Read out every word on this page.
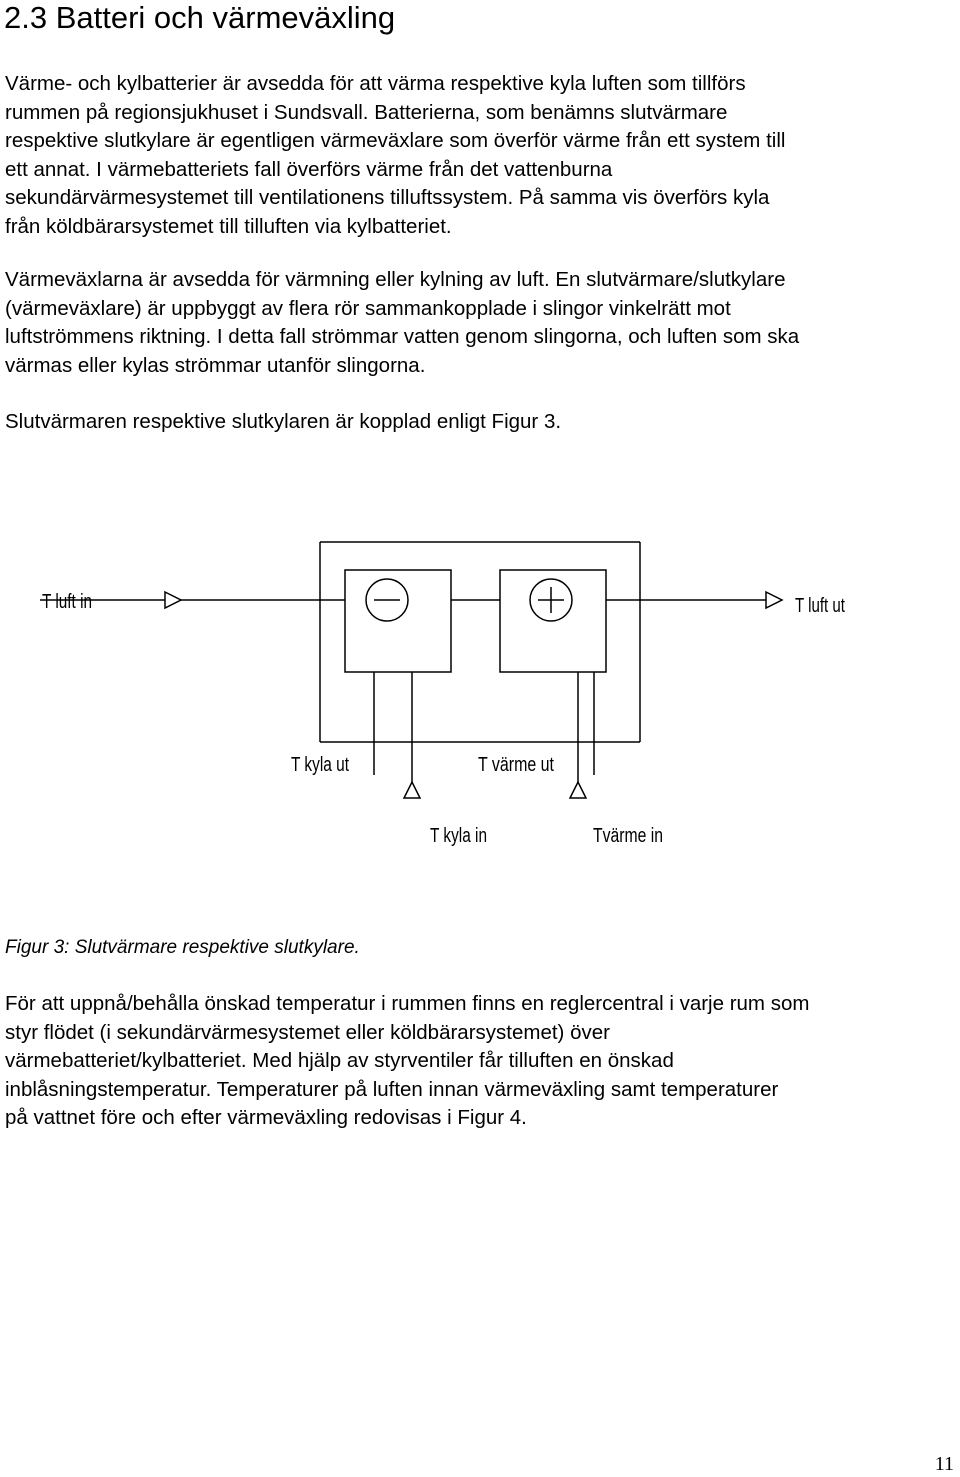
2.3 Batteri och värmeväxling

Värme- och kylbatterier är avsedda för att värma respektive kyla luften som tillförs
rummen på regionsjukhuset i Sundsvall. Batterierna, som benämns slutvärmare
respektive slutkylare är egentligen värmeväxlare som överför värme från ett system till
ett annat. I värmebatteriets fall överförs värme från det vattenburna
sekundärvärmesystemet till ventilationens tilluftssystem. På samma vis överförs kyla
från köldbärarsystemet till tilluften via kylbatteriet.

Värmeväxlarna är avsedda för värmning eller kylning av luft. En slutvärmare/slutkylare
(värmeväxlare) är uppbyggt av flera rör sammankopplade i slingor vinkelrätt mot
luftströmmens riktning. I detta fall strömmar vatten genom slingorna, och luften som ska
värmas eller kylas strömmar utanför slingorna.

Slutvärmaren respektive slutkylaren är kopplad enligt Figur 3.

T luft in	T luft ut
T kyla ut	T värme ut
T kyla in	Tvärme in

Figur 3: Slutvärmare respektive slutkylare.

För att uppnå/behålla önskad temperatur i rummen finns en reglercentral i varje rum som
styr flödet (i sekundärvärmesystemet eller köldbärarsystemet) över
värmebatteriet/kylbatteriet. Med hjälp av styrventiler får tilluften en önskad
inblåsningstemperatur. Temperaturer på luften innan värmeväxling samt temperaturer
på vattnet före och efter värmeväxling redovisas i Figur 4.

11
